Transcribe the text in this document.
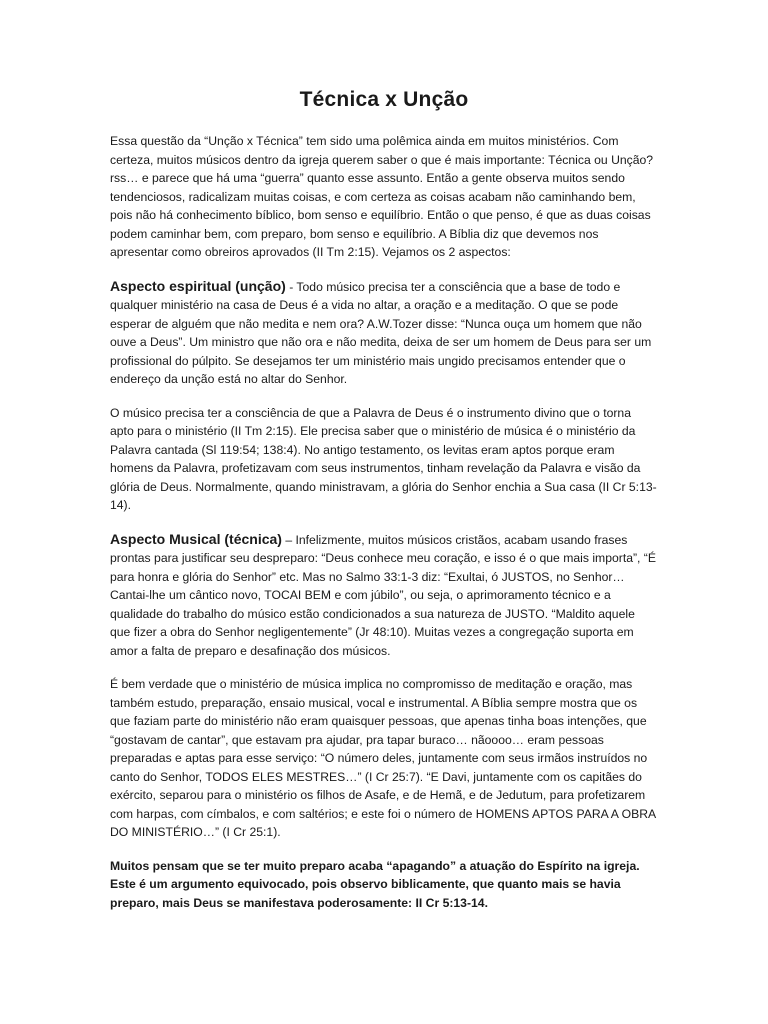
Técnica x Unção

Essa questão da “Unção x Técnica” tem sido uma polêmica ainda em muitos ministérios. Com certeza, muitos músicos dentro da igreja querem saber o que é mais importante: Técnica ou Unção? rss… e parece que há uma “guerra” quanto esse assunto. Então a gente observa muitos sendo tendenciosos, radicalizam muitas coisas, e com certeza as coisas acabam não caminhando bem, pois não há conhecimento bíblico, bom senso e equilíbrio. Então o que penso, é que as duas coisas podem caminhar bem, com preparo, bom senso e equilíbrio. A Bíblia diz que devemos nos apresentar como obreiros aprovados (II Tm 2:15). Vejamos os 2 aspectos:

Aspecto espiritual (unção) - Todo músico precisa ter a consciência que a base de todo e qualquer ministério na casa de Deus é a vida no altar, a oração e a meditação. O que se pode esperar de alguém que não medita e nem ora? A.W.Tozer disse: “Nunca ouça um homem que não ouve a Deus”. Um ministro que não ora e não medita, deixa de ser um homem de Deus para ser um profissional do púlpito. Se desejamos ter um ministério mais ungido precisamos entender que o endereço da unção está no altar do Senhor.

O músico precisa ter a consciência de que a Palavra de Deus é o instrumento divino que o torna apto para o ministério (II Tm 2:15). Ele precisa saber que o ministério de música é o ministério da Palavra cantada (Sl 119:54; 138:4). No antigo testamento, os levitas eram aptos porque eram homens da Palavra, profetizavam com seus instrumentos, tinham revelação da Palavra e visão da glória de Deus. Normalmente, quando ministravam, a glória do Senhor enchia a Sua casa (II Cr 5:13-14).

Aspecto Musical (técnica) – Infelizmente, muitos músicos cristãos, acabam usando frases prontas para justificar seu despreparo: “Deus conhece meu coração, e isso é o que mais importa”, “É para honra e glória do Senhor” etc. Mas no Salmo 33:1-3 diz: “Exultai, ó JUSTOS, no Senhor… Cantai-lhe um cântico novo, TOCAI BEM e com júbilo”, ou seja, o aprimoramento técnico e a qualidade do trabalho do músico estão condicionados a sua natureza de JUSTO. “Maldito aquele que fizer a obra do Senhor negligentemente” (Jr 48:10). Muitas vezes a congregação suporta em amor a falta de preparo e desafinação dos músicos.

É bem verdade que o ministério de música implica no compromisso de meditação e oração, mas também estudo, preparação, ensaio musical, vocal e instrumental. A Bíblia sempre mostra que os que faziam parte do ministério não eram quaisquer pessoas, que apenas tinha boas intenções, que “gostavam de cantar”, que estavam pra ajudar, pra tapar buraco… nãoooo… eram pessoas preparadas e aptas para esse serviço: “O número deles, juntamente com seus irmãos instruídos no canto do Senhor, TODOS ELES MESTRES…” (I Cr 25:7). “E Davi, juntamente com os capitães do exército, separou para o ministério os filhos de Asafe, e de Hemã, e de Jedutum, para profetizarem com harpas, com címbalos, e com saltérios; e este foi o número de HOMENS APTOS PARA A OBRA DO MINISTÉRIO…” (I Cr 25:1).

Muitos pensam que se ter muito preparo acaba “apagando” a atuação do Espírito na igreja. Este é um argumento equivocado, pois observo biblicamente, que quanto mais se havia preparo, mais Deus se manifestava poderosamente: II Cr 5:13-14.
